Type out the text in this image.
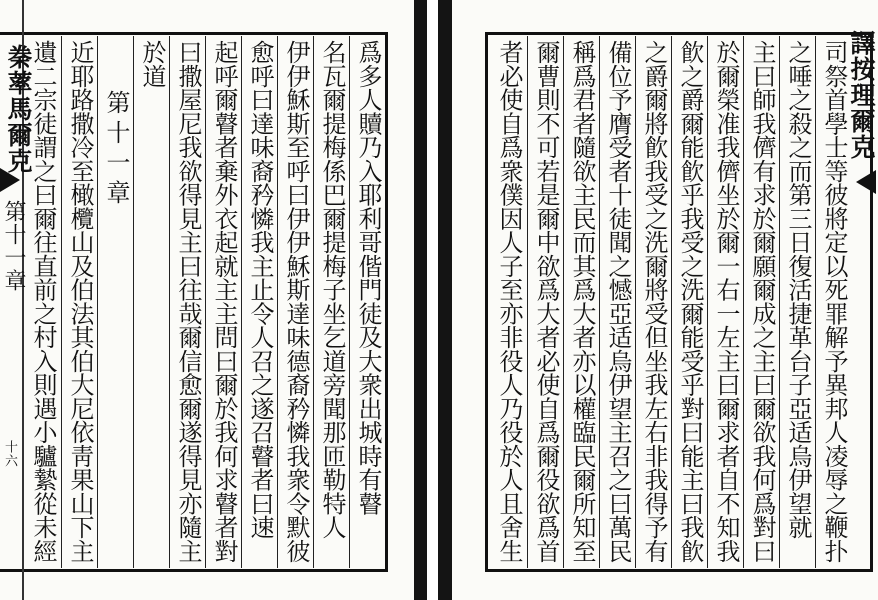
䅈䔞馬爾克
第十一章
十六 遺二宗徒謂之曰爾往直前之村入則遇小驢縶從未經 近耶路撒冷至橄欖山及伯法其伯大尼依靑果山下主 第十一章
於道 曰撒屋尼我欲得見主曰往哉爾信愈爾遂得見亦隨主 起呼爾瞽者棄外衣起就主主問曰爾於我何求瞽者對 愈呼曰達味裔矜憐我主止令人召之遂召瞽者曰速 伊伊穌斯至呼曰伊伊穌斯達味德裔矜憐我衆令默彼 名瓦爾提梅係巴爾提梅子坐乞道旁聞那匝勒特人 爲多人贖乃入耶利哥偕門徒及大衆出城時有瞽	譯按理爾克
者必使自爲衆僕因人子至亦非役人乃役於人且舍生 爾曹則不可若是爾中欲爲大者必使自爲爾役欲爲首 稱爲君者隨欲主民而其爲大者亦以權臨民爾所知至 備位予膺受者十徒聞之憾亞适烏伊望主召之曰萬民 之爵爾將飮我受之洗爾將受但坐我左右非我得予有 飮之爵爾能飮乎我受之洗爾能受乎對曰能主曰我飮 於爾榮准我儕坐於爾一右一左主曰爾求者自不知我 主曰師我儕有求於爾願爾成之主曰爾欲我何爲對曰 之唾之殺之而第三日復活捷革台子亞适烏伊望就 司祭首學士等彼將定以死罪解予異邦人凌辱之鞭扑
